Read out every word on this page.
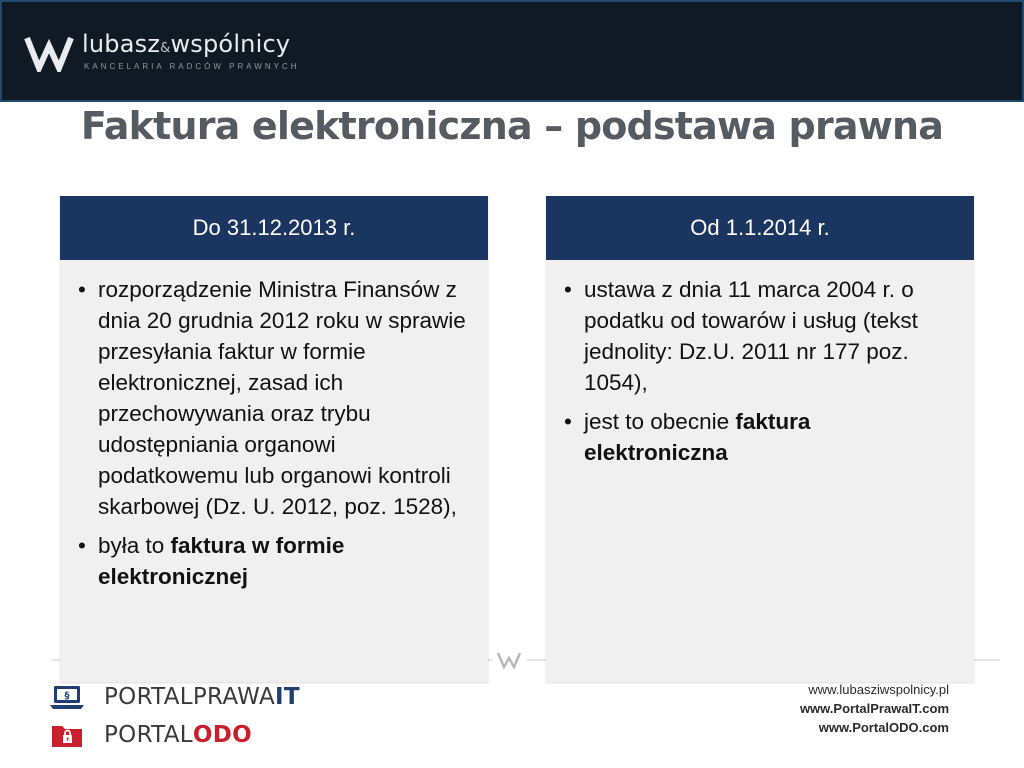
lubasz&wspólnicy
KANCELARIA RADCÓW PRAWNYCH
Faktura elektroniczna – podstawa prawna
Do 31.12.2013 r.
• rozporządzenie Ministra Finansów z dnia 20 grudnia 2012 roku w sprawie przesyłania faktur w formie elektronicznej, zasad ich przechowywania oraz trybu udostępniania organowi podatkowemu lub organowi kontroli skarbowej (Dz. U. 2012, poz. 1528),
• była to faktura w formie elektronicznej
Od 1.1.2014 r.
• ustawa z dnia 11 marca 2004 r. o podatku od towarów i usług (tekst jednolity: Dz.U. 2011 nr 177 poz. 1054),
• jest to obecnie faktura elektroniczna
§ PORTALPRAWAIT
PORTALODO
www.lubasziwspolnicy.pl
www.PortalPrawaIT.com
www.PortalODO.com
